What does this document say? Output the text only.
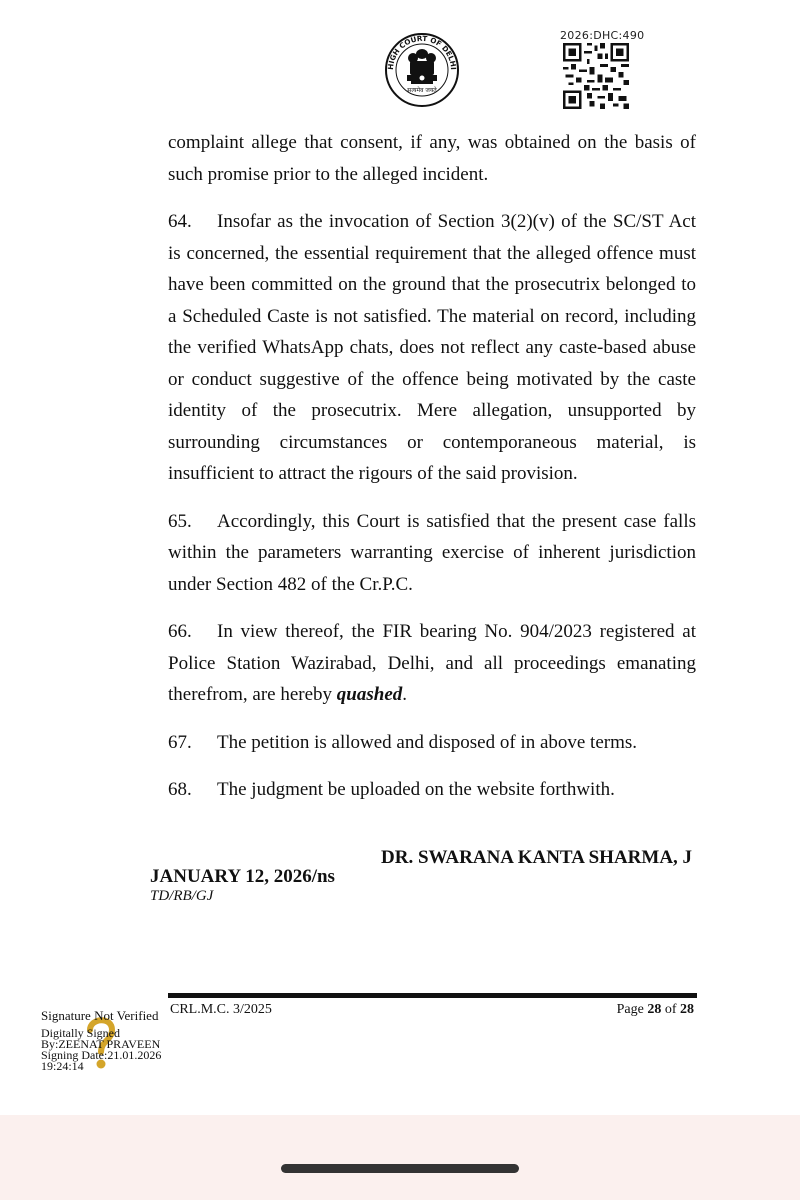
HIGH COURT OF DELHI
सत्यमेव जयते
2026:DHC:490

complaint allege that consent, if any, was obtained on the basis of such promise prior to the alleged incident.

64. Insofar as the invocation of Section 3(2)(v) of the SC/ST Act is concerned, the essential requirement that the alleged offence must have been committed on the ground that the prosecutrix belonged to a Scheduled Caste is not satisfied. The material on record, including the verified WhatsApp chats, does not reflect any caste-based abuse or conduct suggestive of the offence being motivated by the caste identity of the prosecutrix. Mere allegation, unsupported by surrounding circumstances or contemporaneous material, is insufficient to attract the rigours of the said provision.

65. Accordingly, this Court is satisfied that the present case falls within the parameters warranting exercise of inherent jurisdiction under Section 482 of the Cr.P.C.

66. In view thereof, the FIR bearing No. 904/2023 registered at Police Station Wazirabad, Delhi, and all proceedings emanating therefrom, are hereby quashed.

67. The petition is allowed and disposed of in above terms.

68. The judgment be uploaded on the website forthwith.

DR. SWARANA KANTA SHARMA, J
JANUARY 12, 2026/ns
TD/RB/GJ
CRL.M.C. 3/2025	Page 28 of 28
Signature Not Verified
Digitally Signed
By:ZEENAT PRAVEEN
Signing Date:21.01.2026
19:24:14
